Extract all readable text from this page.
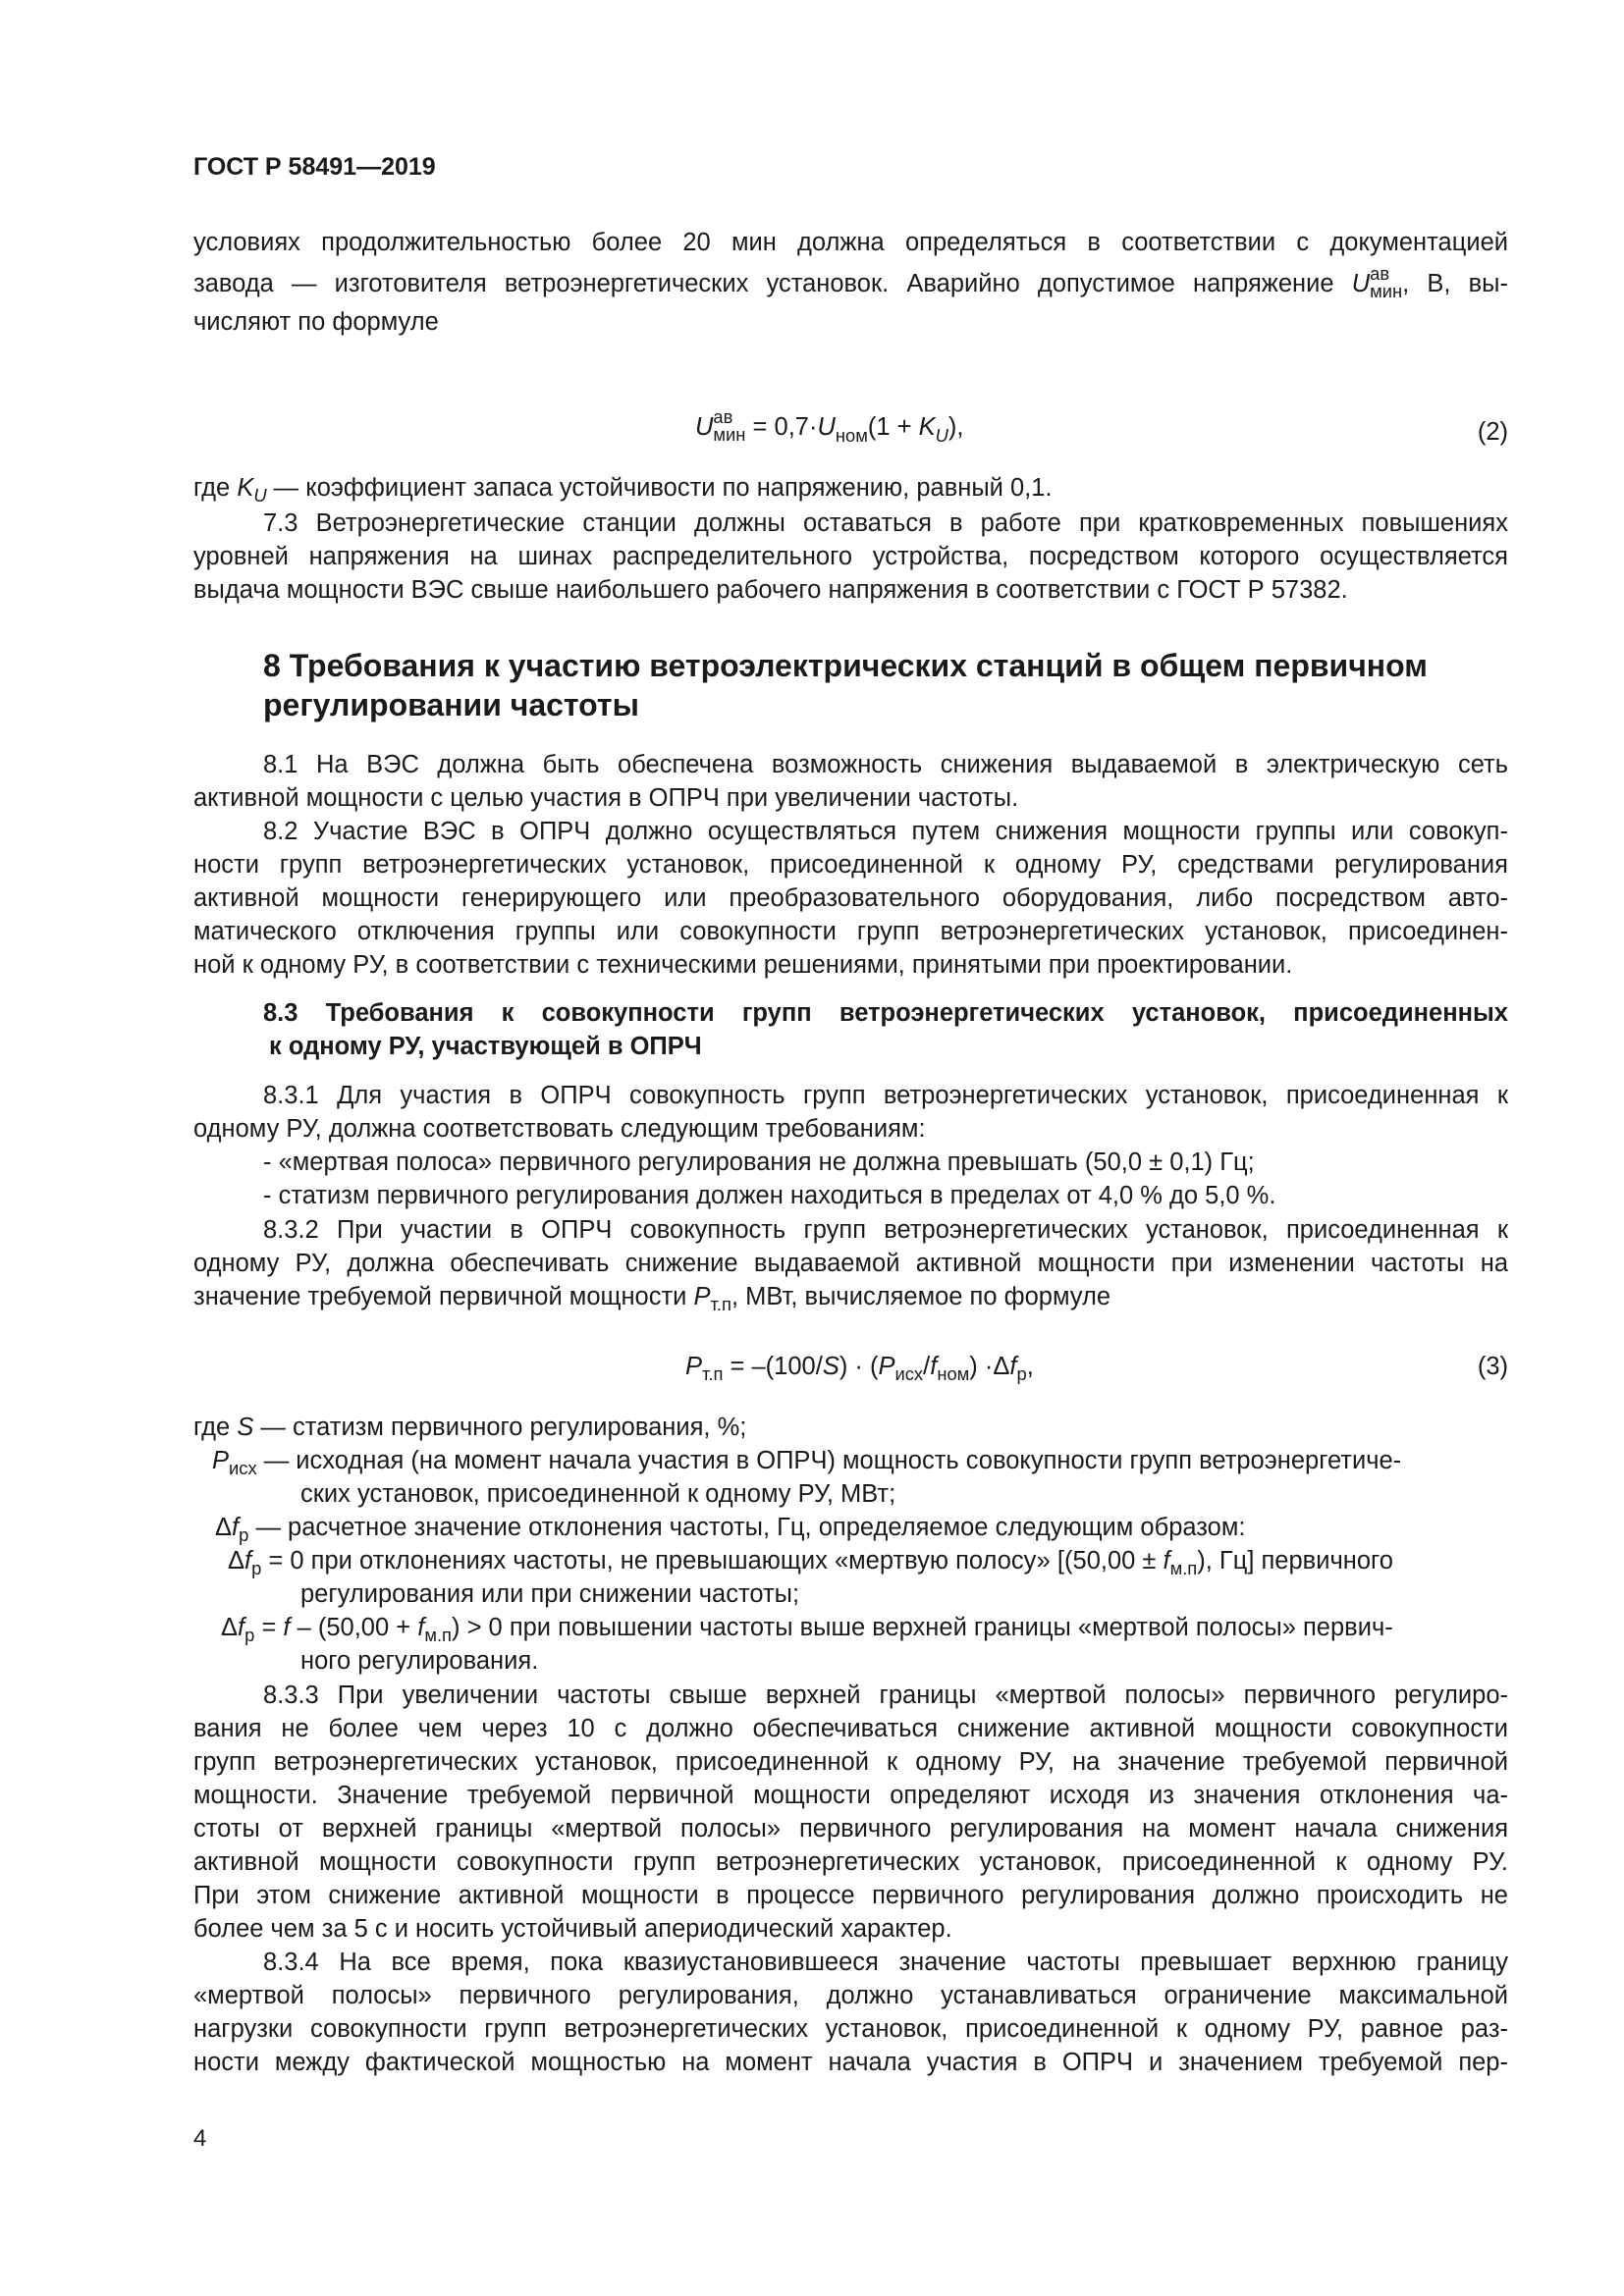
ГОСТ Р 58491—2019
условиях продолжительностью более 20 мин должна определяться в соответствии с документацией
завода — изготовителя ветроэнергетических установок. Аварийно допустимое напряжение U ав
мин , В, вы-
числяют по формуле
U ав
мин = $0,7\cdot U_{ном}(1 + K_U)$,	(2)
где $K_U$ — коэффициент запаса устойчивости по напряжению, равный 0,1.
7.3 Ветроэнергетические станции должны оставаться в работе при кратковременных повышениях
уровней напряжения на шинах распределительного устройства, посредством которого осуществляется
выдача мощности ВЭС свыше наибольшего рабочего напряжения в соответствии с ГОСТ Р 57382.
8 Требования к участию ветроэлектрических станций в общем первичном
регулировании частоты
8.1 На ВЭС должна быть обеспечена возможность снижения выдаваемой в электрическую сеть
активной мощности с целью участия в ОПРЧ при увеличении частоты.
8.2 Участие ВЭС в ОПРЧ должно осуществляться путем снижения мощности группы или совокуп-
ности групп ветроэнергетических установок, присоединенной к одному РУ, средствами регулирования
активной мощности генерирующего или преобразовательного оборудования, либо посредством авто-
матического отключения группы или совокупности групп ветроэнергетических установок, присоединен-
ной к одному РУ, в соответствии с техническими решениями, принятыми при проектировании.
8.3 Требования к совокупности групп ветроэнергетических установок, присоединенных
к одному РУ, участвующей в ОПРЧ
8.3.1 Для участия в ОПРЧ совокупность групп ветроэнергетических установок, присоединенная к
одному РУ, должна соответствовать следующим требованиям:
- «мертвая полоса» первичного регулирования не должна превышать (50,0 ± 0,1) Гц;
- статизм первичного регулирования должен находиться в пределах от 4,0 % до 5,0 %.
8.3.2 При участии в ОПРЧ совокупность групп ветроэнергетических установок, присоединенная к
одному РУ, должна обеспечивать снижение выдаваемой активной мощности при изменении частоты на
значение требуемой первичной мощности $P_{т.п}$, МВт, вычисляемое по формуле
$P_{т.п} = -(100/S) \cdot (P_{исх}/f_{ном}) \cdot\Delta f_р$,	(3)
где S — статизм первичного регулирования, %;
$P_{исх}$ — исходная (на момент начала участия в ОПРЧ) мощность совокупности групп ветроэнергетиче-
ских установок, присоединенной к одному РУ, МВт;
$\Delta f_р$ — расчетное значение отклонения частоты, Гц, определяемое следующим образом:
$\Delta f_р = 0$ при отклонениях частоты, не превышающих «мертвую полосу» [$(50,00 \pm f_{м.п})$, Гц] первичного
регулирования или при снижении частоты;
$\Delta f_р = f - (50,00 + f_{м.п}) > 0$ при повышении частоты выше верхней границы «мертвой полосы» первич-
ного регулирования.
8.3.3 При увеличении частоты свыше верхней границы «мертвой полосы» первичного регулиро-
вания не более чем через 10 с должно обеспечиваться снижение активной мощности совокупности
групп ветроэнергетических установок, присоединенной к одному РУ, на значение требуемой первичной
мощности. Значение требуемой первичной мощности определяют исходя из значения отклонения ча-
стоты от верхней границы «мертвой полосы» первичного регулирования на момент начала снижения
активной мощности совокупности групп ветроэнергетических установок, присоединенной к одному РУ.
При этом снижение активной мощности в процессе первичного регулирования должно происходить не
более чем за 5 с и носить устойчивый апериодический характер.
8.3.4 На все время, пока квазиустановившееся значение частоты превышает верхнюю границу
«мертвой полосы» первичного регулирования, должно устанавливаться ограничение максимальной
нагрузки совокупности групп ветроэнергетических установок, присоединенной к одному РУ, равное раз-
ности между фактической мощностью на момент начала участия в ОПРЧ и значением требуемой пер-
4
